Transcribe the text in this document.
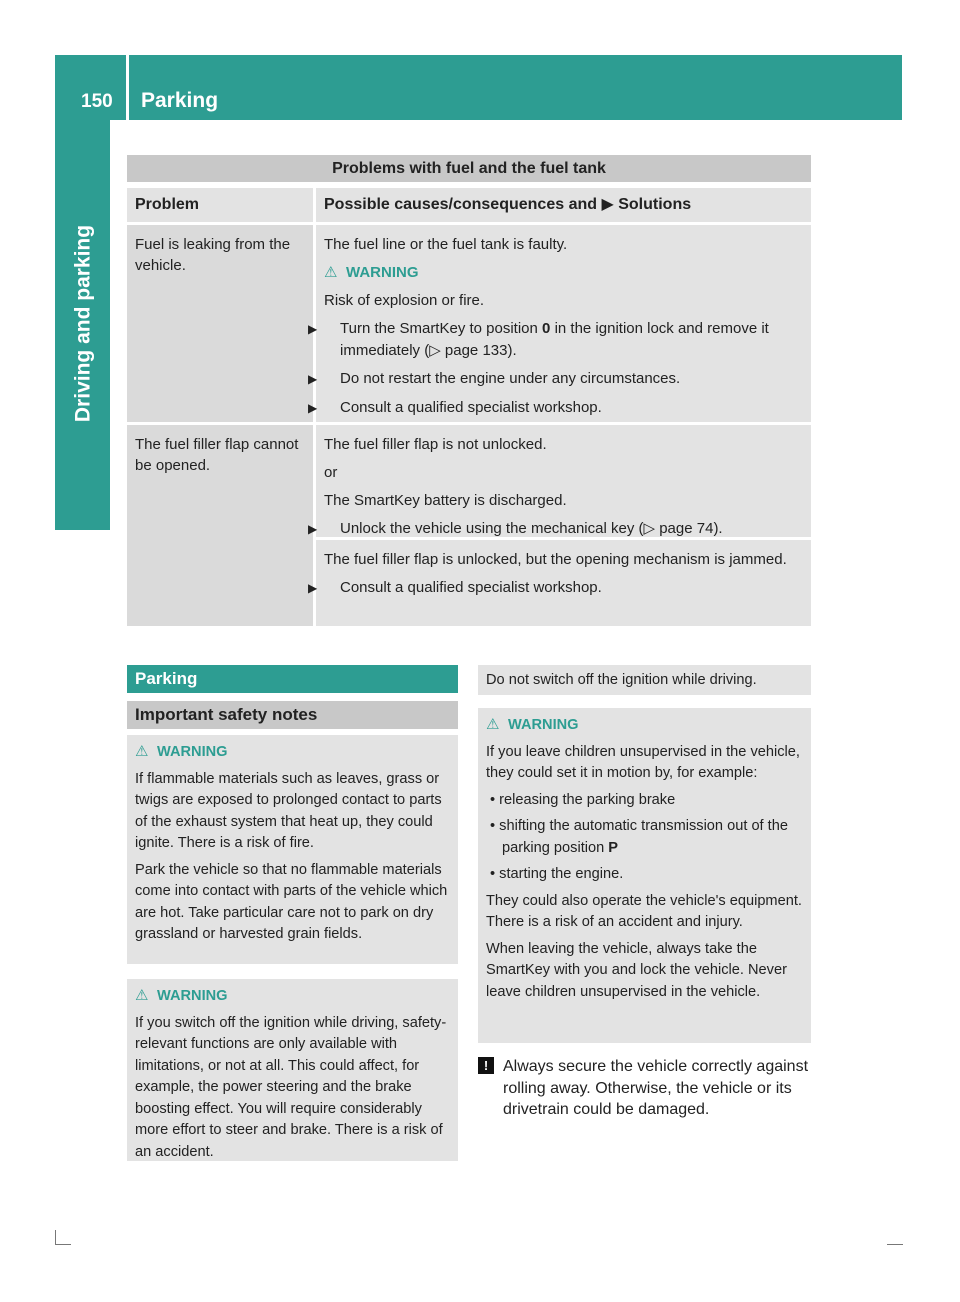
150 Parking
Driving and parking
Problems with fuel and the fuel tank
Problem	Possible causes/consequences and ▶ Solutions
Fuel is leaking from the vehicle.

The fuel line or the fuel tank is faulty.

⚠ WARNING

Risk of explosion or fire.

▶ Turn the SmartKey to position 0 in the ignition lock and remove it immediately (▷ page 133).

▶ Do not restart the engine under any circumstances.

▶ Consult a qualified specialist workshop.

The fuel filler flap cannot be opened.

The fuel filler flap is not unlocked.

or

The SmartKey battery is discharged.

▶ Unlock the vehicle using the mechanical key (▷ page 74).

The fuel filler flap is unlocked, but the opening mechanism is jammed.

▶ Consult a qualified specialist workshop.

Parking
Important safety notes

⚠ WARNING

If flammable materials such as leaves, grass or twigs are exposed to prolonged contact to parts of the exhaust system that heat up, they could ignite. There is a risk of fire.

Park the vehicle so that no flammable materials come into contact with parts of the vehicle which are hot. Take particular care not to park on dry grassland or harvested grain fields.

⚠ WARNING

If you switch off the ignition while driving, safety-relevant functions are only available with limitations, or not at all. This could affect, for example, the power steering and the brake boosting effect. You will require considerably more effort to steer and brake. There is a risk of an accident.

Do not switch off the ignition while driving.

⚠ WARNING

If you leave children unsupervised in the vehicle, they could set it in motion by, for example:

• releasing the parking brake

• shifting the automatic transmission out of the parking position P

• starting the engine.

They could also operate the vehicle's equipment. There is a risk of an accident and injury.

When leaving the vehicle, always take the SmartKey with you and lock the vehicle. Never leave children unsupervised in the vehicle.

! Always secure the vehicle correctly against rolling away. Otherwise, the vehicle or its drivetrain could be damaged.
